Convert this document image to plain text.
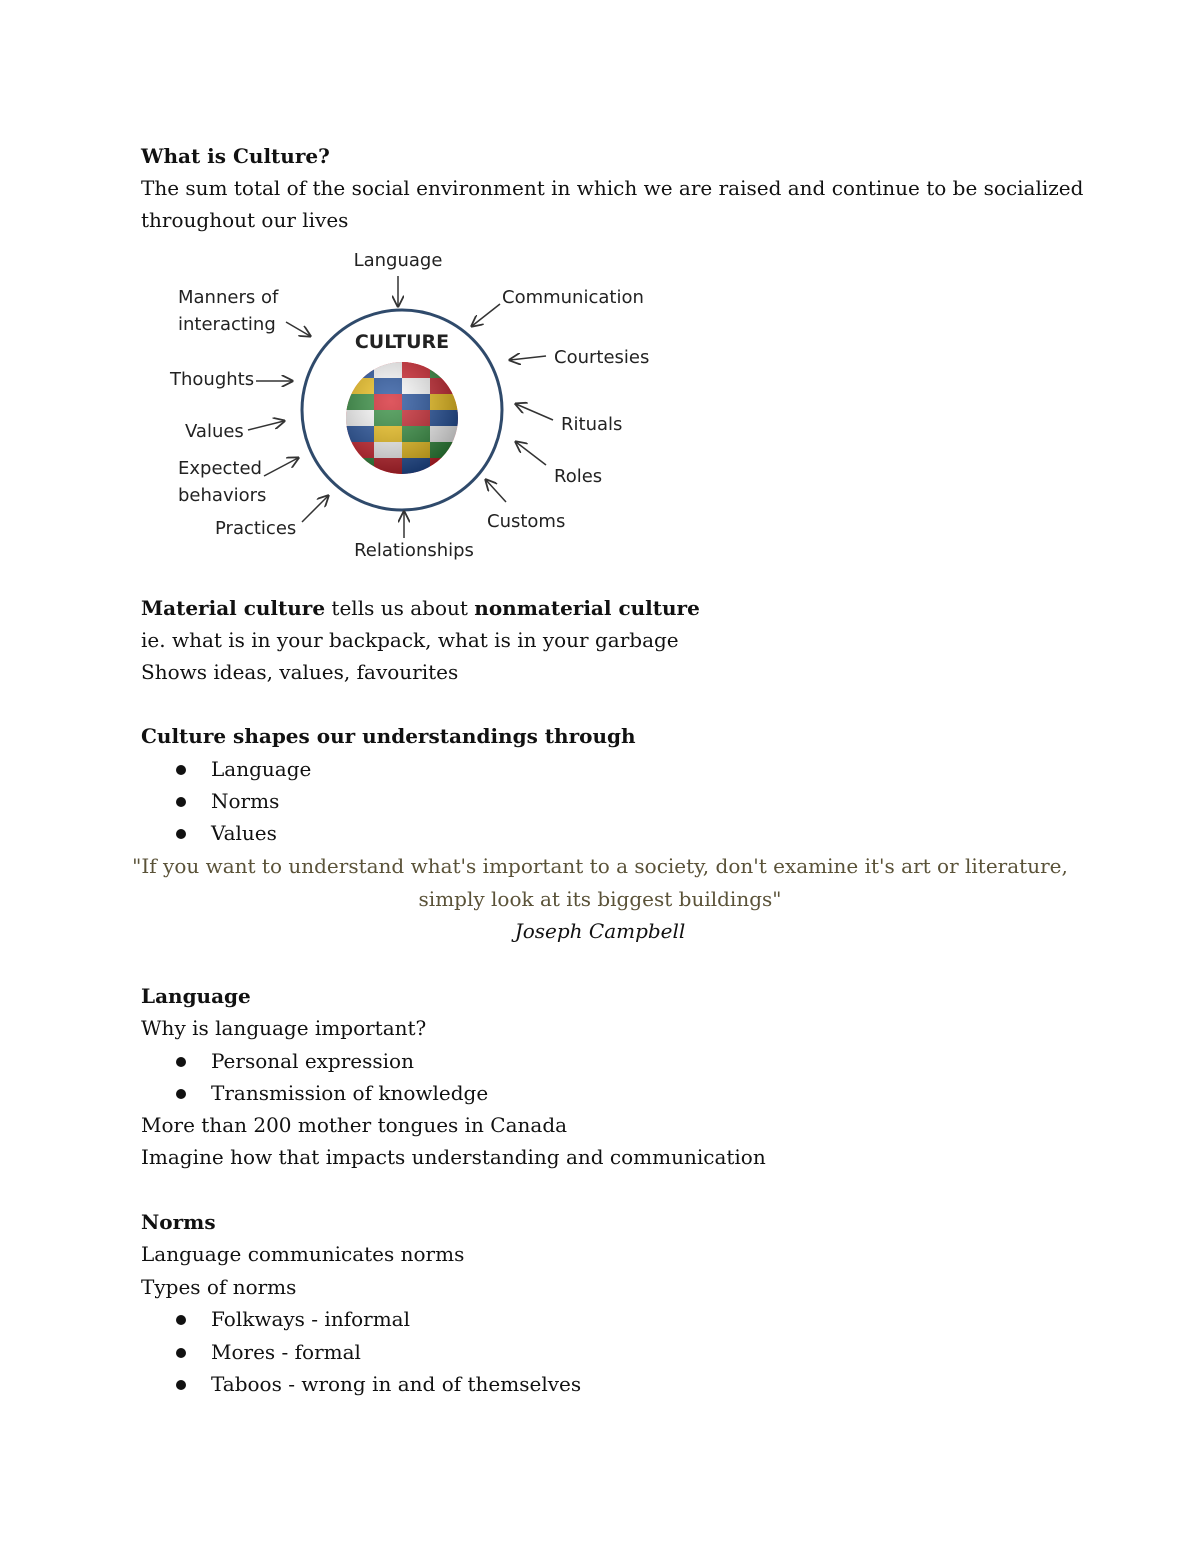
What is Culture?
The sum total of the social environment in which we are raised and continue to be socialized
throughout our lives
CULTURE
Language
Communication
Manners of
interacting
Courtesies
Thoughts
Values	Rituals
Expected
behaviors
Roles
Practices	Customs
Relationships
Material culture tells us about nonmaterial culture
ie. what is in your backpack, what is in your garbage
Shows ideas, values, favourites
Culture shapes our understandings through
Language
Norms
Values
"If you want to understand what's important to a society, don't examine it's art or literature,
simply look at its biggest buildings"
Joseph Campbell
Language
Why is language important?
Personal expression
Transmission of knowledge
More than 200 mother tongues in Canada
Imagine how that impacts understanding and communication
Norms
Language communicates norms
Types of norms
Folkways - informal
Mores - formal
Taboos - wrong in and of themselves
